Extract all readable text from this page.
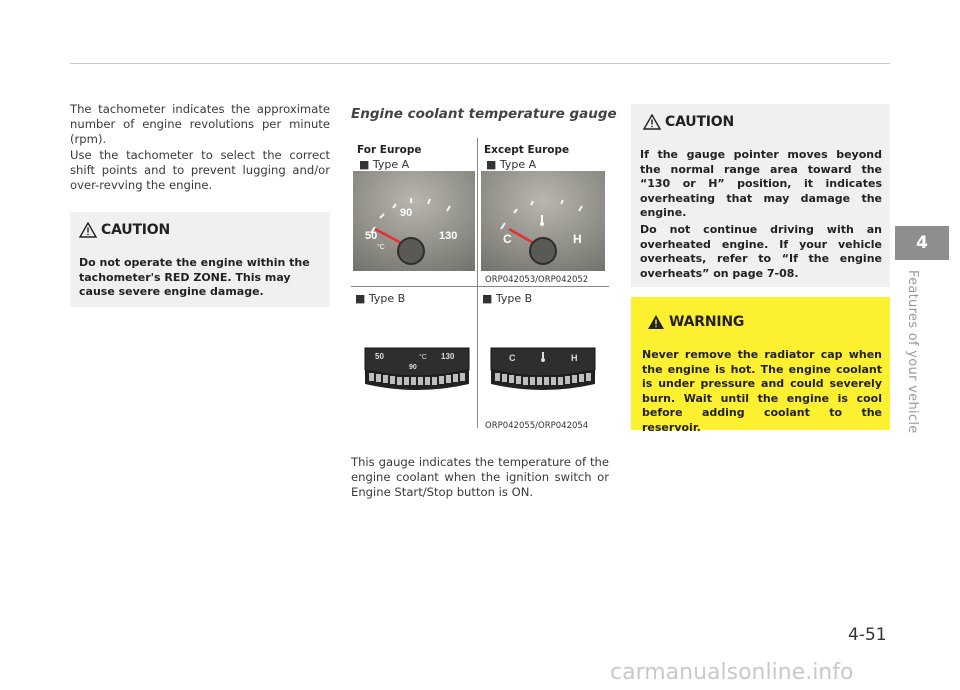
The tachometer indicates the approximate number of engine revolutions per minute (rpm).

Use the tachometer to select the correct shift points and to prevent lugging and/or over-revving the engine.

CAUTION

Do not operate the engine within the tachometer's RED ZONE. This may cause severe engine damage.

Engine coolant temperature gauge
For Europe
■ Type A
Except Europe
■ Type A
50
90
130
°C
C	H
ORP042053/ORP042052
■ Type B	■ Type B
50
90
130
°C	C	H
ORP042055/ORP042054

This gauge indicates the temperature of the engine coolant when the ignition switch or Engine Start/Stop button is ON.

CAUTION

If the gauge pointer moves beyond the normal range area toward the “130 or H” position, it indicates overheating that may damage the engine.

Do not continue driving with an overheated engine. If your vehicle overheats, refer to “If the engine overheats” on page 7-08.

WARNING

Never remove the radiator cap when the engine is hot. The engine coolant is under pressure and could severely burn. Wait until the engine is cool before adding coolant to the reservoir.

4
Features of your vehicle
4-51
carmanualsonline.info
